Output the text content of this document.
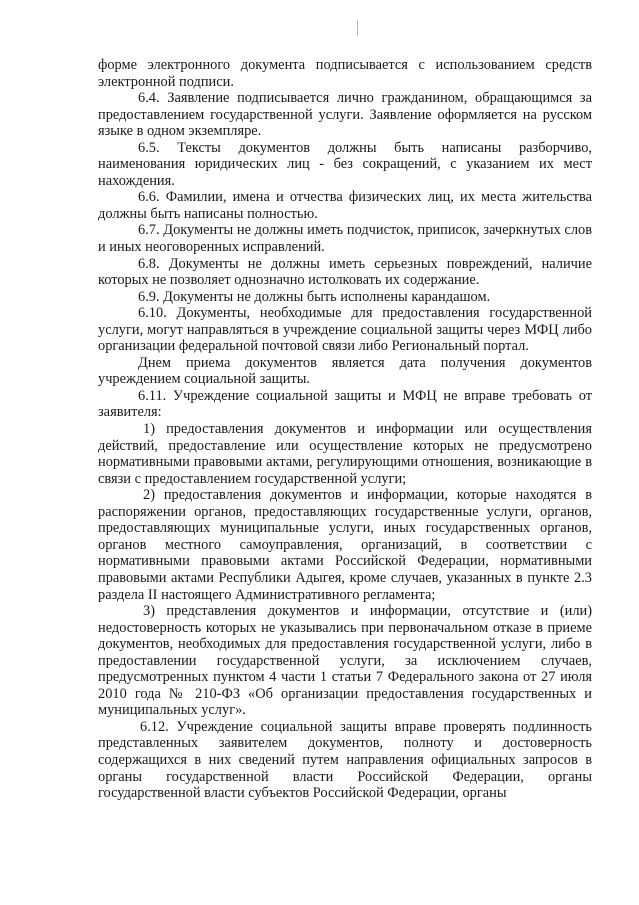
форме электронного документа подписывается с использованием средств электронной подписи.

6.4. Заявление подписывается лично гражданином, обращающимся за предоставлением государственной услуги. Заявление оформляется на русском языке в одном экземпляре.

6.5. Тексты документов должны быть написаны разборчиво, наименования юридических лиц - без сокращений, с указанием их мест нахождения.

6.6. Фамилии, имена и отчества физических лиц, их места жительства должны быть написаны полностью.

6.7. Документы не должны иметь подчисток, приписок, зачеркнутых слов и иных неоговоренных исправлений.

6.8. Документы не должны иметь серьезных повреждений, наличие которых не позволяет однозначно истолковать их содержание.

6.9. Документы не должны быть исполнены карандашом.

6.10. Документы, необходимые для предоставления государственной услуги, могут направляться в учреждение социальной защиты через МФЦ либо организации федеральной почтовой связи либо Региональный портал.

Днем приема документов является дата получения документов учреждением социальной защиты.

6.11. Учреждение социальной защиты и МФЦ не вправе требовать от заявителя:

1) предоставления документов и информации или осуществления действий, предоставление или осуществление которых не предусмотрено нормативными правовыми актами, регулирующими отношения, возникающие в связи с предоставлением государственной услуги;

2) предоставления документов и информации, которые находятся в распоряжении органов, предоставляющих государственные услуги, органов, предоставляющих муниципальные услуги, иных государственных органов, органов местного самоуправления, организаций, в соответствии с нормативными правовыми актами Российской Федерации, нормативными правовыми актами Республики Адыгея, кроме случаев, указанных в пункте 2.3 раздела II настоящего Административного регламента;

3) представления документов и информации, отсутствие и (или) недостоверность которых не указывались при первоначальном отказе в приеме документов, необходимых для предоставления государственной услуги, либо в предоставлении государственной услуги, за исключением случаев, предусмотренных пунктом 4 части 1 статьи 7 Федерального закона от 27 июля 2010 года № 210-ФЗ «Об организации предоставления государственных и муниципальных услуг».

6.12. Учреждение социальной защиты вправе проверять подлинность представленных заявителем документов, полноту и достоверность содержащихся в них сведений путем направления официальных запросов в органы государственной власти Российской Федерации, органы государственной власти субъектов Российской Федерации, органы
